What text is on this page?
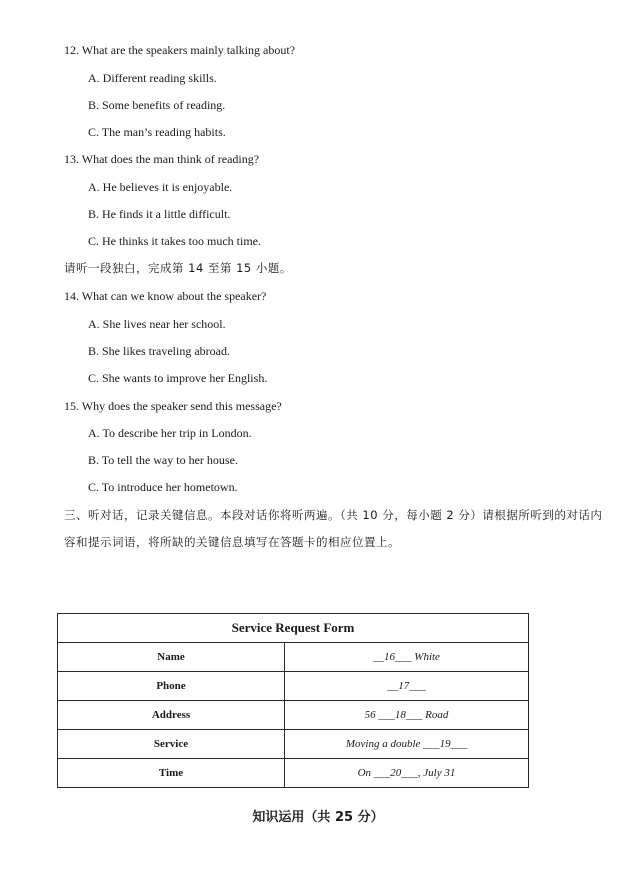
12. What are the speakers mainly talking about?
A. Different reading skills.
B. Some benefits of reading.
C. The man’s reading habits.
13. What does the man think of reading?
A. He believes it is enjoyable.
B. He finds it a little difficult.
C. He thinks it takes too much time.
请听一段独白，完成第 14 至第 15 小题。
14. What can we know about the speaker?
A. She lives near her school.
B. She likes traveling abroad.
C. She wants to improve her English.
15. Why does the speaker send this message?
A. To describe her trip in London.
B. To tell the way to her house.
C. To introduce her hometown.
三、听对话，记录关键信息。本段对话你将听两遍。（共 10 分，每小题 2 分）请根据所听到的对话内
容和提示词语，将所缺的关键信息填写在答题卡的相应位置上。
Service Request Form	
Name	__16___ White
Phone	__17___
Address	56 ___18___ Road
Service	Moving a double ___19___
Time	On ___20___, July 31
知识运用（共 25 分）
